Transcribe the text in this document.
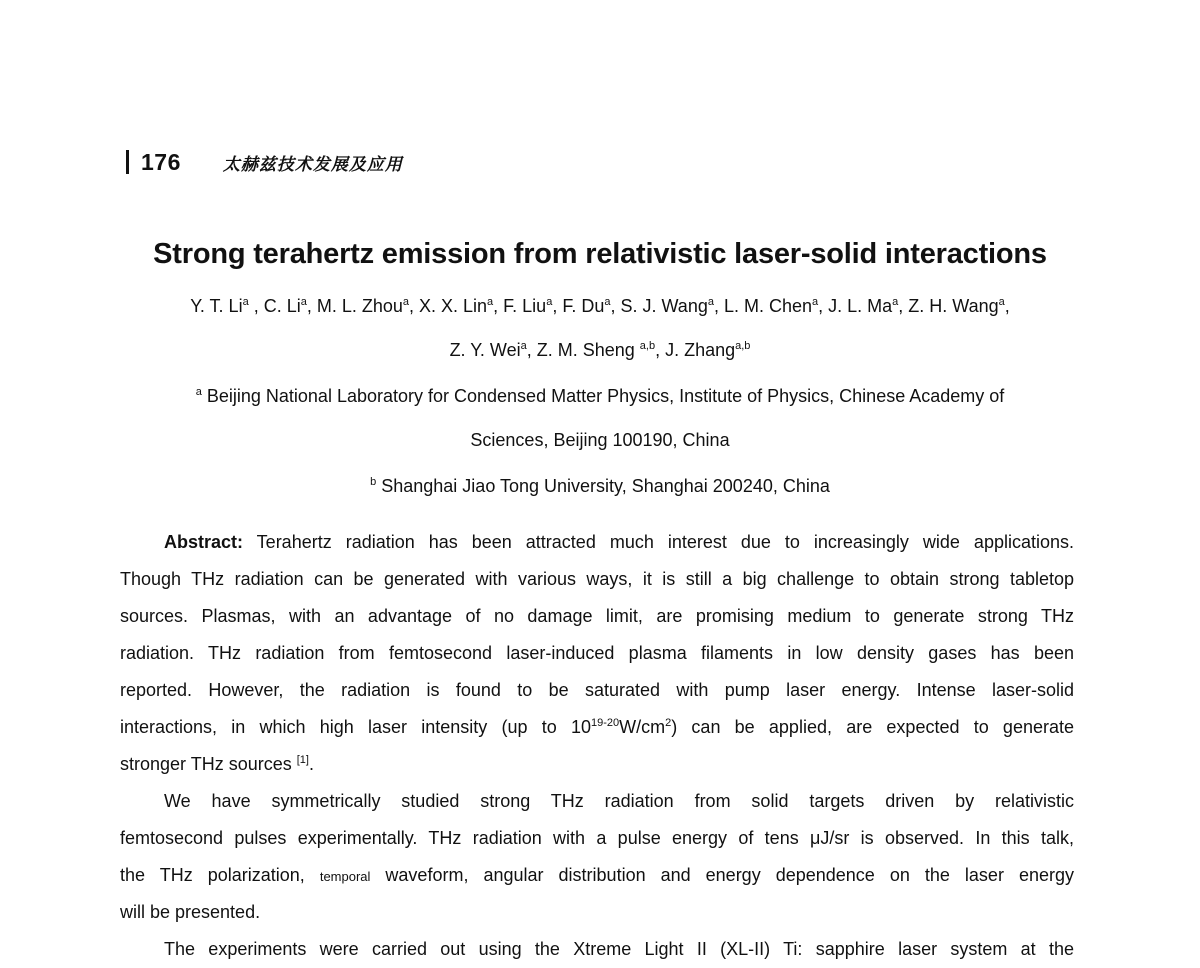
176 太赫兹技术发展及应用
Strong terahertz emission from relativistic laser-solid interactions
Y. T. Li$^a$ , C. Li$^a$, M. L. Zhou$^a$, X. X. Lin$^a$, F. Liu$^a$, F. Du$^a$, S. J. Wang$^a$, L. M. Chen$^a$, J. L. Ma$^a$, Z. H. Wang$^a$,
Z. Y. Wei$^a$, Z. M. Sheng $^{a,b}$, J. Zhang$^{a,b}$
$^a$ Beijing National Laboratory for Condensed Matter Physics, Institute of Physics, Chinese Academy of
Sciences, Beijing 100190, China
$^b$ Shanghai Jiao Tong University, Shanghai 200240, China
Abstract: Terahertz radiation has been attracted much interest due to increasingly wide applications.
Though THz radiation can be generated with various ways, it is still a big challenge to obtain strong tabletop
sources. Plasmas, with an advantage of no damage limit, are promising medium to generate strong THz
radiation. THz radiation from femtosecond laser-induced plasma filaments in low density gases has been
reported. However, the radiation is found to be saturated with pump laser energy. Intense laser-solid
interactions, in which high laser intensity (up to $10^{19-20}W/cm^2$) can be applied, are expected to generate
stronger THz sources [1].
We have symmetrically studied strong THz radiation from solid targets driven by relativistic
femtosecond pulses experimentally. THz radiation with a pulse energy of tens μJ/sr is observed. In this talk,
the THz polarization, temporal waveform, angular distribution and energy dependence on the laser energy
will be presented.
The experiments were carried out using the Xtreme Light II (XL-II) Ti: sapphire laser system at the
